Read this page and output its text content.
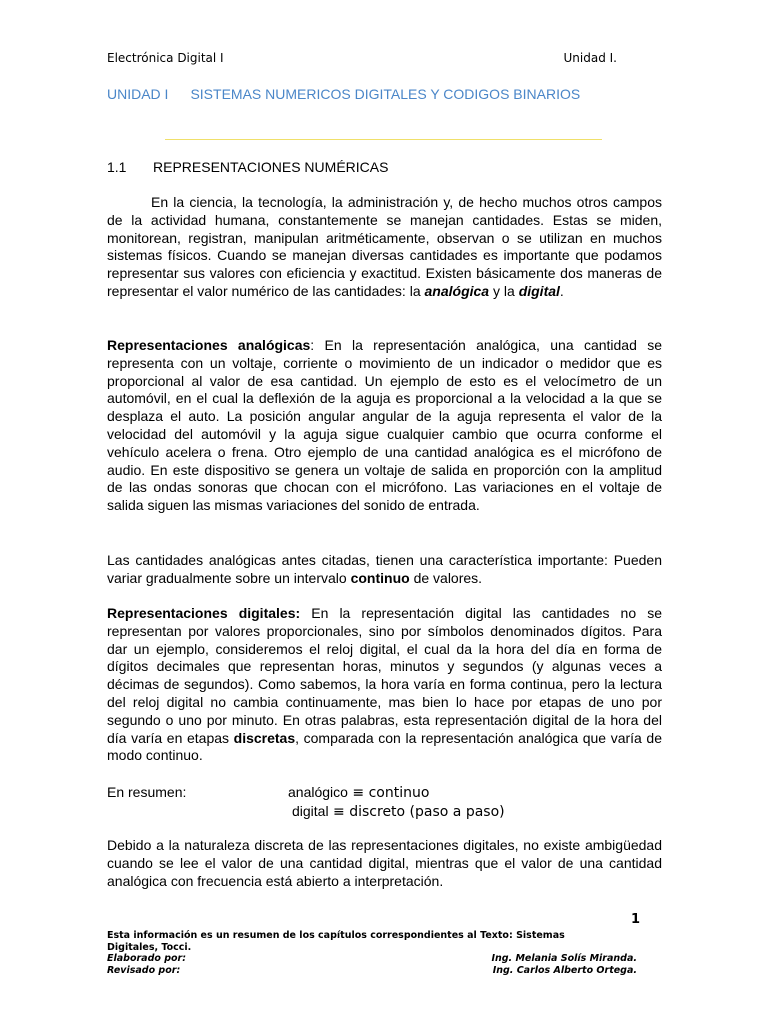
Electrónica Digital I	Unidad I.
UNIDAD I SISTEMAS NUMERICOS DIGITALES Y CODIGOS BINARIOS
1.1 REPRESENTACIONES NUMÉRICAS

En la ciencia, la tecnología, la administración y, de hecho muchos otros campos de la actividad humana, constantemente se manejan cantidades. Estas se miden, monitorean, registran, manipulan aritméticamente, observan o se utilizan en muchos sistemas físicos. Cuando se manejan diversas cantidades es importante que podamos representar sus valores con eficiencia y exactitud. Existen básicamente dos maneras de representar el valor numérico de las cantidades: la analógica y la digital.

Representaciones analógicas: En la representación analógica, una cantidad se representa con un voltaje, corriente o movimiento de un indicador o medidor que es proporcional al valor de esa cantidad. Un ejemplo de esto es el velocímetro de un automóvil, en el cual la deflexión de la aguja es proporcional a la velocidad a la que se desplaza el auto. La posición angular angular de la aguja representa el valor de la velocidad del automóvil y la aguja sigue cualquier cambio que ocurra conforme el vehículo acelera o frena. Otro ejemplo de una cantidad analógica es el micrófono de audio. En este dispositivo se genera un voltaje de salida en proporción con la amplitud de las ondas sonoras que chocan con el micrófono. Las variaciones en el voltaje de salida siguen las mismas variaciones del sonido de entrada.

Las cantidades analógicas antes citadas, tienen una característica importante: Pueden variar gradualmente sobre un intervalo continuo de valores.

Representaciones digitales: En la representación digital las cantidades no se representan por valores proporcionales, sino por símbolos denominados dígitos. Para dar un ejemplo, consideremos el reloj digital, el cual da la hora del día en forma de dígitos decimales que representan horas, minutos y segundos (y algunas veces a décimas de segundos). Como sabemos, la hora varía en forma continua, pero la lectura del reloj digital no cambia continuamente, mas bien lo hace por etapas de uno por segundo o uno por minuto. En otras palabras, esta representación digital de la hora del día varía en etapas discretas, comparada con la representación analógica que varía de modo continuo.

En resumen:	analógico ≡ continuo
digital ≡ discreto (paso a paso)

Debido a la naturaleza discreta de las representaciones digitales, no existe ambigüedad cuando se lee el valor de una cantidad digital, mientras que el valor de una cantidad analógica con frecuencia está abierto a interpretación.

1
Esta información es un resumen de los capítulos correspondientes al Texto: Sistemas
Digitales, Tocci.
Elaborado por:	Ing. Melania Solís Miranda.
Revisado por:	Ing. Carlos Alberto Ortega.
